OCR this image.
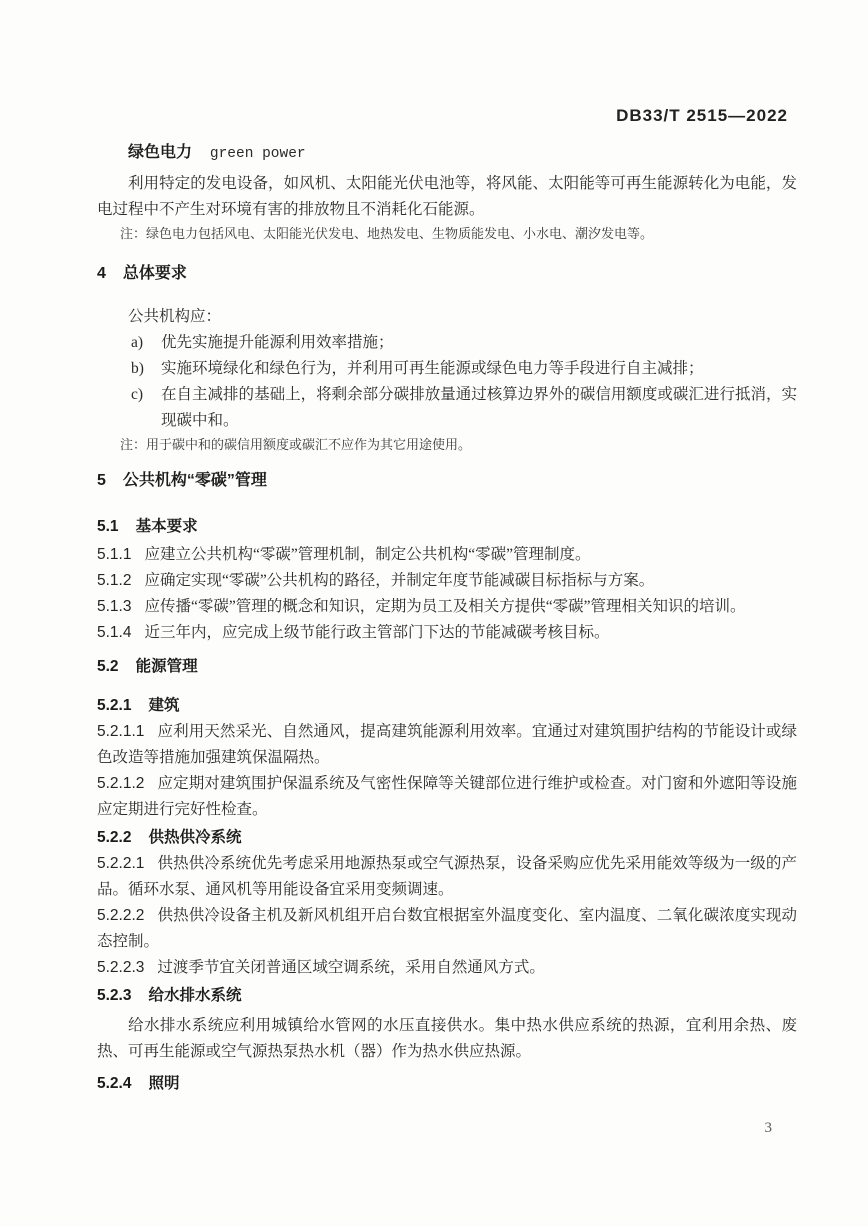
DB33/T 2515—2022
绿色电力 green power

利用特定的发电设备，如风机、太阳能光伏电池等，将风能、太阳能等可再生能源转化为电能，发电过程中不产生对环境有害的排放物且不消耗化石能源。

注：绿色电力包括风电、太阳能光伏发电、地热发电、生物质能发电、小水电、潮汐发电等。

4 总体要求

公共机构应：

a)	优先实施提升能源利用效率措施；
b)	实施环境绿化和绿色行为，并利用可再生能源或绿色电力等手段进行自主减排；
c)	在自主减排的基础上，将剩余部分碳排放量通过核算边界外的碳信用额度或碳汇进行抵消，实现碳中和。

注：用于碳中和的碳信用额度或碳汇不应作为其它用途使用。

5 公共机构“零碳”管理

5.1 基本要求

5.1.1 应建立公共机构“零碳”管理机制，制定公共机构“零碳”管理制度。

5.1.2 应确定实现“零碳”公共机构的路径，并制定年度节能减碳目标指标与方案。

5.1.3 应传播“零碳”管理的概念和知识，定期为员工及相关方提供“零碳”管理相关知识的培训。

5.1.4 近三年内，应完成上级节能行政主管部门下达的节能减碳考核目标。

5.2 能源管理

5.2.1 建筑

5.2.1.1 应利用天然采光、自然通风，提高建筑能源利用效率。宜通过对建筑围护结构的节能设计或绿色改造等措施加强建筑保温隔热。

5.2.1.2 应定期对建筑围护保温系统及气密性保障等关键部位进行维护或检查。对门窗和外遮阳等设施应定期进行完好性检查。

5.2.2 供热供冷系统

5.2.2.1 供热供冷系统优先考虑采用地源热泵或空气源热泵，设备采购应优先采用能效等级为一级的产品。循环水泵、通风机等用能设备宜采用变频调速。

5.2.2.2 供热供冷设备主机及新风机组开启台数宜根据室外温度变化、室内温度、二氧化碳浓度实现动态控制。

5.2.2.3 过渡季节宜关闭普通区域空调系统，采用自然通风方式。

5.2.3 给水排水系统

给水排水系统应利用城镇给水管网的水压直接供水。集中热水供应系统的热源，宜利用余热、废热、可再生能源或空气源热泵热水机（器）作为热水供应热源。

5.2.4 照明

3
